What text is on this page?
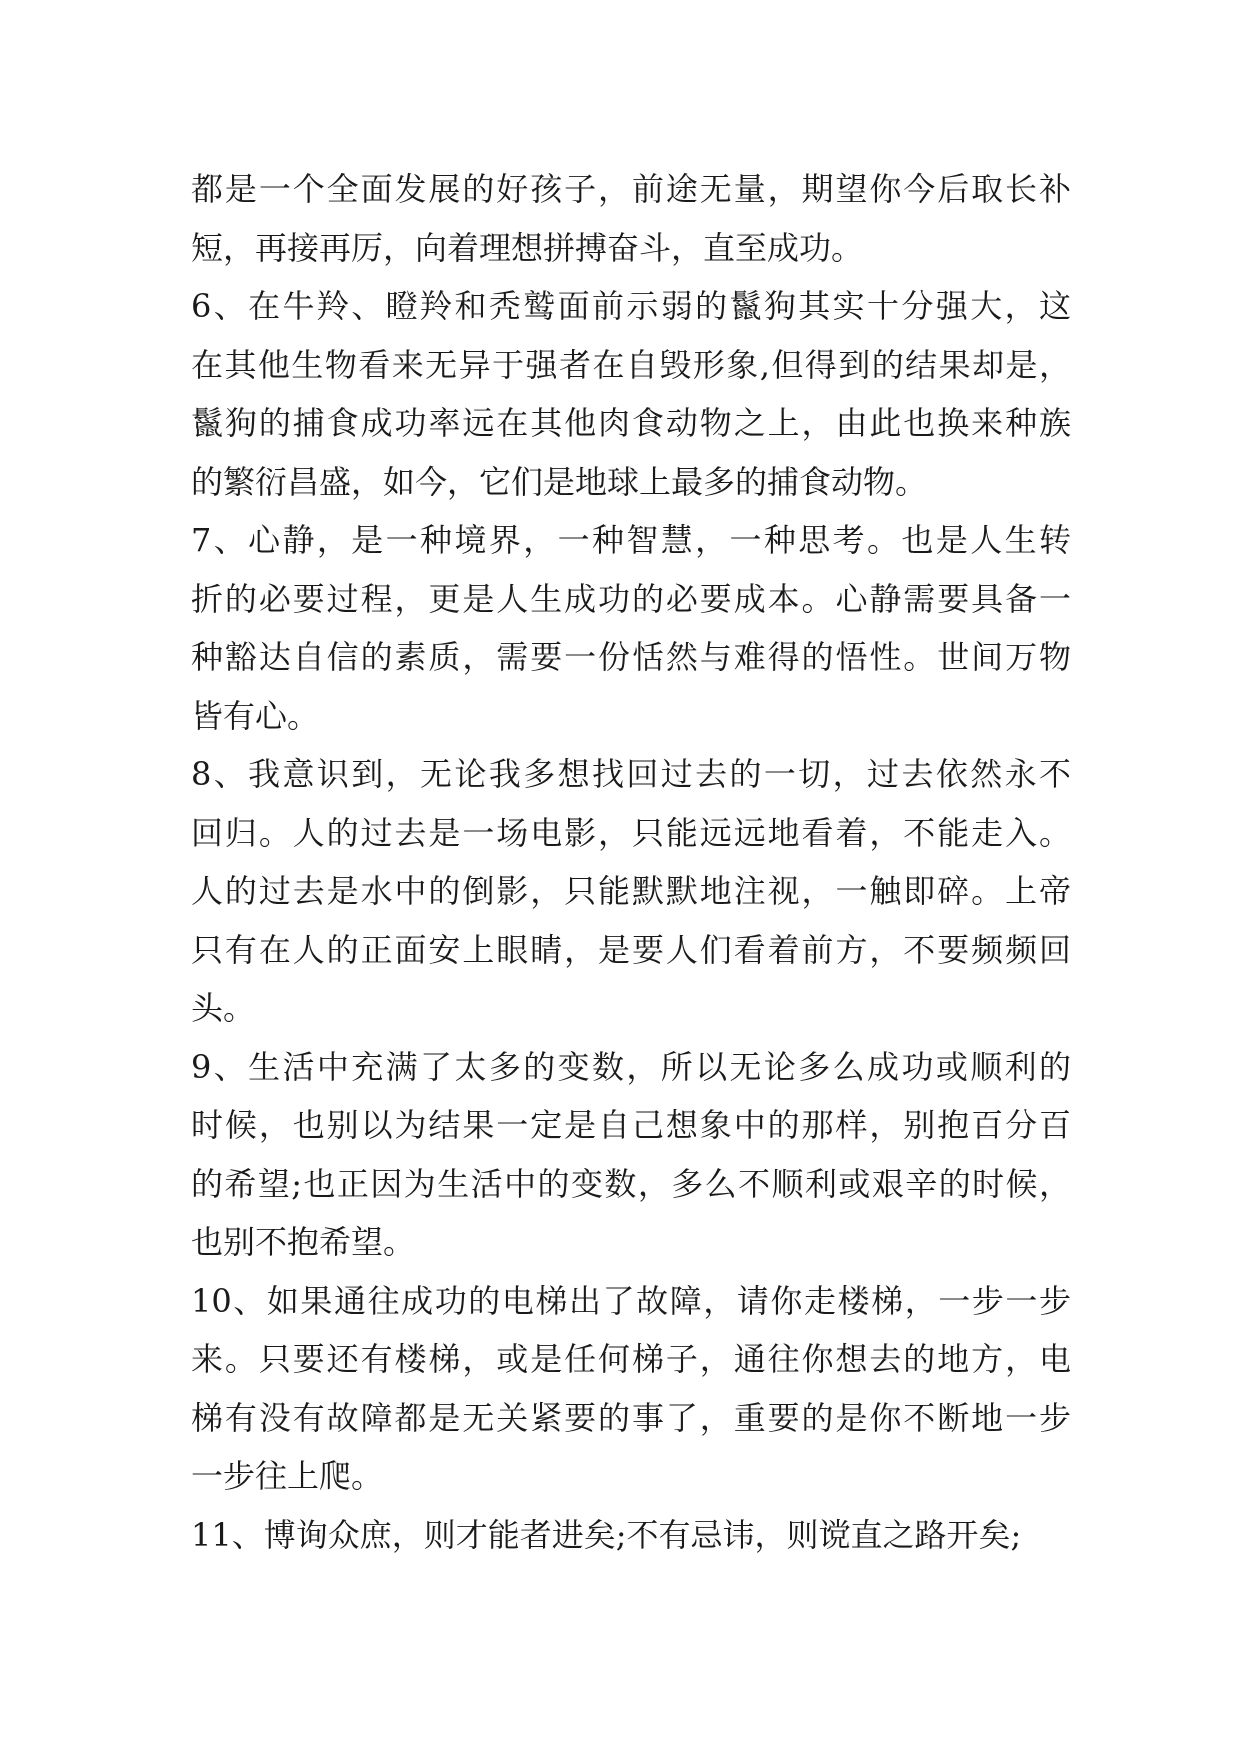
都是一个全面发展的好孩子，前途无量，期望你今后取长补
短，再接再厉，向着理想拼搏奋斗，直至成功。
6、在牛羚、瞪羚和秃鹫面前示弱的鬣狗其实十分强大，这
在其他生物看来无异于强者在自毁形象,但得到的结果却是，
鬣狗的捕食成功率远在其他肉食动物之上，由此也换来种族
的繁衍昌盛，如今，它们是地球上最多的捕食动物。
7、心静，是一种境界，一种智慧，一种思考。也是人生转
折的必要过程，更是人生成功的必要成本。心静需要具备一
种豁达自信的素质，需要一份恬然与难得的悟性。世间万物
皆有心。
8、我意识到，无论我多想找回过去的一切，过去依然永不
回归。人的过去是一场电影，只能远远地看着，不能走入。
人的过去是水中的倒影，只能默默地注视，一触即碎。上帝
只有在人的正面安上眼睛，是要人们看着前方，不要频频回
头。
9、生活中充满了太多的变数，所以无论多么成功或顺利的
时候，也别以为结果一定是自己想象中的那样，别抱百分百
的希望;也正因为生活中的变数，多么不顺利或艰辛的时候，
也别不抱希望。
10、如果通往成功的电梯出了故障，请你走楼梯，一步一步
来。只要还有楼梯，或是任何梯子，通往你想去的地方，电
梯有没有故障都是无关紧要的事了，重要的是你不断地一步
一步往上爬。
11、博询众庶，则才能者进矣;不有忌讳，则谠直之路开矣;
